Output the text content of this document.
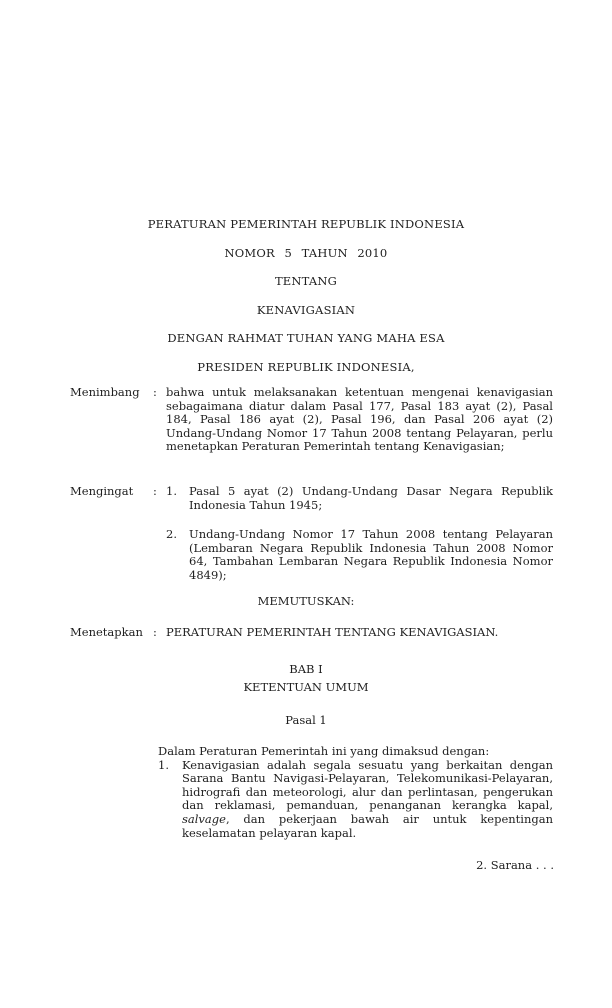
PERATURAN PEMERINTAH REPUBLIK INDONESIA
NOMOR 5 TAHUN 2010
TENTANG
KENAVIGASIAN
DENGAN RAHMAT TUHAN YANG MAHA ESA
PRESIDEN REPUBLIK INDONESIA,
Menimbang	: bahwa untuk melaksanakan ketentuan mengenai kenavigasian sebagaimana diatur dalam Pasal 177, Pasal 183 ayat (2), Pasal 184, Pasal 186 ayat (2), Pasal 196, dan Pasal 206 ayat (2) Undang-Undang Nomor 17 Tahun 2008 tentang Pelayaran, perlu menetapkan Peraturan Pemerintah tentang Kenavigasian;
Mengingat	: 1.	Pasal 5 ayat (2) Undang-Undang Dasar Negara Republik Indonesia Tahun 1945;
2.	Undang-Undang Nomor 17 Tahun 2008 tentang Pelayaran (Lembaran Negara Republik Indonesia Tahun 2008 Nomor 64, Tambahan Lembaran Negara Republik Indonesia Nomor 4849);
MEMUTUSKAN:
Menetapkan : PERATURAN PEMERINTAH TENTANG KENAVIGASIAN.
BAB I
KETENTUAN UMUM
Pasal 1
Dalam Peraturan Pemerintah ini yang dimaksud dengan:
1.	Kenavigasian adalah segala sesuatu yang berkaitan dengan Sarana Bantu Navigasi-Pelayaran, Telekomunikasi-Pelayaran, hidrografi dan meteorologi, alur dan perlintasan, pengerukan dan reklamasi, pemanduan, penanganan kerangka kapal, salvage, dan pekerjaan bawah air untuk kepentingan keselamatan pelayaran kapal.
2. Sarana . . .
